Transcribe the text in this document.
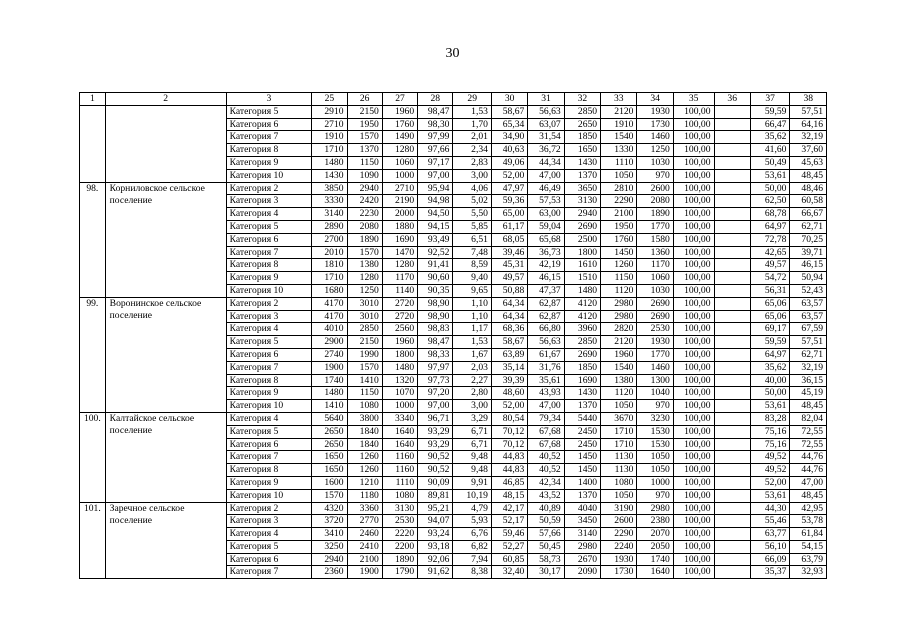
30
1	2	3	25	26	27	28	29	30	31	32	33	34	35	36	37	38
		Категория 5	2910	2150	1960	98,47	1,53	58,67	56,63	2850	2120	1930	100,00		59,59	57,51
		Категория 6	2710	1950	1760	98,30	1,70	65,34	63,07	2650	1910	1730	100,00		66,47	64,16
		Категория 7	1910	1570	1490	97,99	2,01	34,90	31,54	1850	1540	1460	100,00		35,62	32,19
		Категория 8	1710	1370	1280	97,66	2,34	40,63	36,72	1650	1330	1250	100,00		41,60	37,60
		Категория 9	1480	1150	1060	97,17	2,83	49,06	44,34	1430	1110	1030	100,00		50,49	45,63
		Категория 10	1430	1090	1000	97,00	3,00	52,00	47,00	1370	1050	970	100,00		53,61	48,45
98.	Корниловское сельское поселение	Категория 2	3850	2940	2710	95,94	4,06	47,97	46,49	3650	2810	2600	100,00		50,00	48,46
		Категория 3	3330	2420	2190	94,98	5,02	59,36	57,53	3130	2290	2080	100,00		62,50	60,58
		Категория 4	3140	2230	2000	94,50	5,50	65,00	63,00	2940	2100	1890	100,00		68,78	66,67
		Категория 5	2890	2080	1880	94,15	5,85	61,17	59,04	2690	1950	1770	100,00		64,97	62,71
		Категория 6	2700	1890	1690	93,49	6,51	68,05	65,68	2500	1760	1580	100,00		72,78	70,25
		Категория 7	2010	1570	1470	92,52	7,48	39,46	36,73	1800	1450	1360	100,00		42,65	39,71
		Категория 8	1810	1380	1280	91,41	8,59	45,31	42,19	1610	1260	1170	100,00		49,57	46,15
		Категория 9	1710	1280	1170	90,60	9,40	49,57	46,15	1510	1150	1060	100,00		54,72	50,94
		Категория 10	1680	1250	1140	90,35	9,65	50,88	47,37	1480	1120	1030	100,00		56,31	52,43
99.	Воронинское сельское поселение	Категория 2	4170	3010	2720	98,90	1,10	64,34	62,87	4120	2980	2690	100,00		65,06	63,57
		Категория 3	4170	3010	2720	98,90	1,10	64,34	62,87	4120	2980	2690	100,00		65,06	63,57
		Категория 4	4010	2850	2560	98,83	1,17	68,36	66,80	3960	2820	2530	100,00		69,17	67,59
		Категория 5	2900	2150	1960	98,47	1,53	58,67	56,63	2850	2120	1930	100,00		59,59	57,51
		Категория 6	2740	1990	1800	98,33	1,67	63,89	61,67	2690	1960	1770	100,00		64,97	62,71
		Категория 7	1900	1570	1480	97,97	2,03	35,14	31,76	1850	1540	1460	100,00		35,62	32,19
		Категория 8	1740	1410	1320	97,73	2,27	39,39	35,61	1690	1380	1300	100,00		40,00	36,15
		Категория 9	1480	1150	1070	97,20	2,80	48,60	43,93	1430	1120	1040	100,00		50,00	45,19
		Категория 10	1410	1080	1000	97,00	3,00	52,00	47,00	1370	1050	970	100,00		53,61	48,45
100.	Калтайское сельское поселение	Категория 4	5640	3800	3340	96,71	3,29	80,54	79,34	5440	3670	3230	100,00		83,28	82,04
		Категория 5	2650	1840	1640	93,29	6,71	70,12	67,68	2450	1710	1530	100,00		75,16	72,55
		Категория 6	2650	1840	1640	93,29	6,71	70,12	67,68	2450	1710	1530	100,00		75,16	72,55
		Категория 7	1650	1260	1160	90,52	9,48	44,83	40,52	1450	1130	1050	100,00		49,52	44,76
		Категория 8	1650	1260	1160	90,52	9,48	44,83	40,52	1450	1130	1050	100,00		49,52	44,76
		Категория 9	1600	1210	1110	90,09	9,91	46,85	42,34	1400	1080	1000	100,00		52,00	47,00
		Категория 10	1570	1180	1080	89,81	10,19	48,15	43,52	1370	1050	970	100,00		53,61	48,45
101.	Заречное сельское поселение	Категория 2	4320	3360	3130	95,21	4,79	42,17	40,89	4040	3190	2980	100,00		44,30	42,95
		Категория 3	3720	2770	2530	94,07	5,93	52,17	50,59	3450	2600	2380	100,00		55,46	53,78
		Категория 4	3410	2460	2220	93,24	6,76	59,46	57,66	3140	2290	2070	100,00		63,77	61,84
		Категория 5	3250	2410	2200	93,18	6,82	52,27	50,45	2980	2240	2050	100,00		56,10	54,15
		Категория 6	2940	2100	1890	92,06	7,94	60,85	58,73	2670	1930	1740	100,00		66,09	63,79
		Категория 7	2360	1900	1790	91,62	8,38	32,40	30,17	2090	1730	1640	100,00		35,37	32,93
